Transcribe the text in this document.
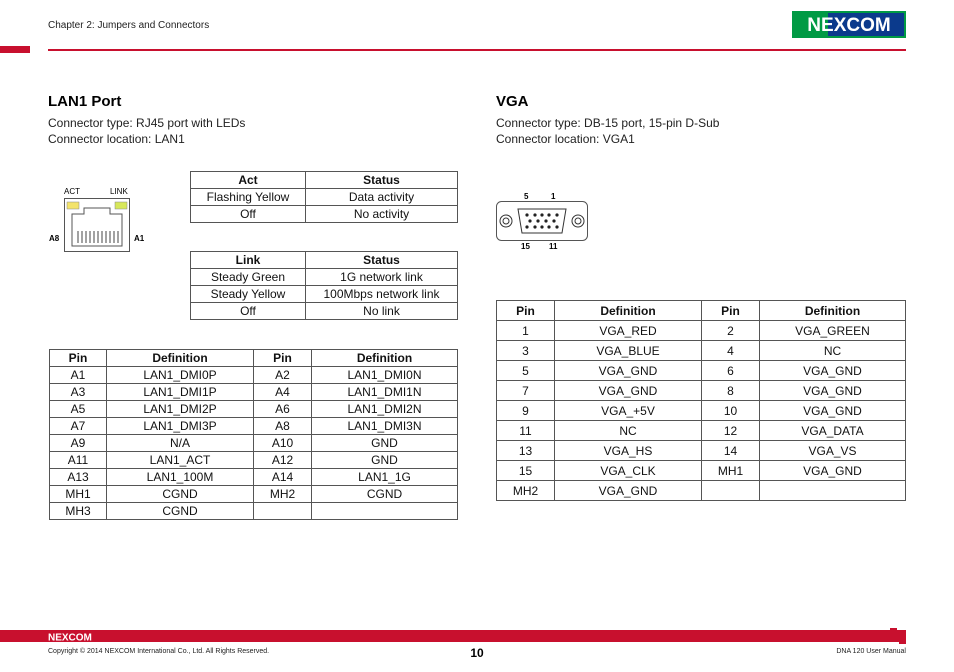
Chapter 2: Jumpers and Connectors	NEXCOM
LAN1 Port
Connector type: RJ45 port with LEDs
Connector location: LAN1
ACT	LINK
A8	A1
Act	Status
Flashing Yellow	Data activity
Off	No activity
Link	Status
Steady Green	1G network link
Steady Yellow	100Mbps network link
Off	No link
Pin	Definition	Pin	Definition
A1	LAN1_DMI0P	A2	LAN1_DMI0N
A3	LAN1_DMI1P	A4	LAN1_DMI1N
A5	LAN1_DMI2P	A6	LAN1_DMI2N
A7	LAN1_DMI3P	A8	LAN1_DMI3N
A9	N/A	A10	GND
A11	LAN1_ACT	A12	GND
A13	LAN1_100M	A14	LAN1_1G
MH1	CGND	MH2	CGND
MH3	CGND		
VGA
Connector type: DB-15 port, 15-pin D-Sub
Connector location: VGA1
5	1
15 11
Pin	Definition	Pin	Definition
1	VGA_RED	2	VGA_GREEN
3	VGA_BLUE	4	NC
5	VGA_GND	6	VGA_GND
7	VGA_GND	8	VGA_GND
9	VGA_+5V	10	VGA_GND
11	NC	12	VGA_DATA
13	VGA_HS	14	VGA_VS
15	VGA_CLK	MH1	VGA_GND
MH2	VGA_GND		
NEXCOM
Copyright © 2014 NEXCOM International Co., Ltd. All Rights Reserved.	10	DNA 120 User Manual
